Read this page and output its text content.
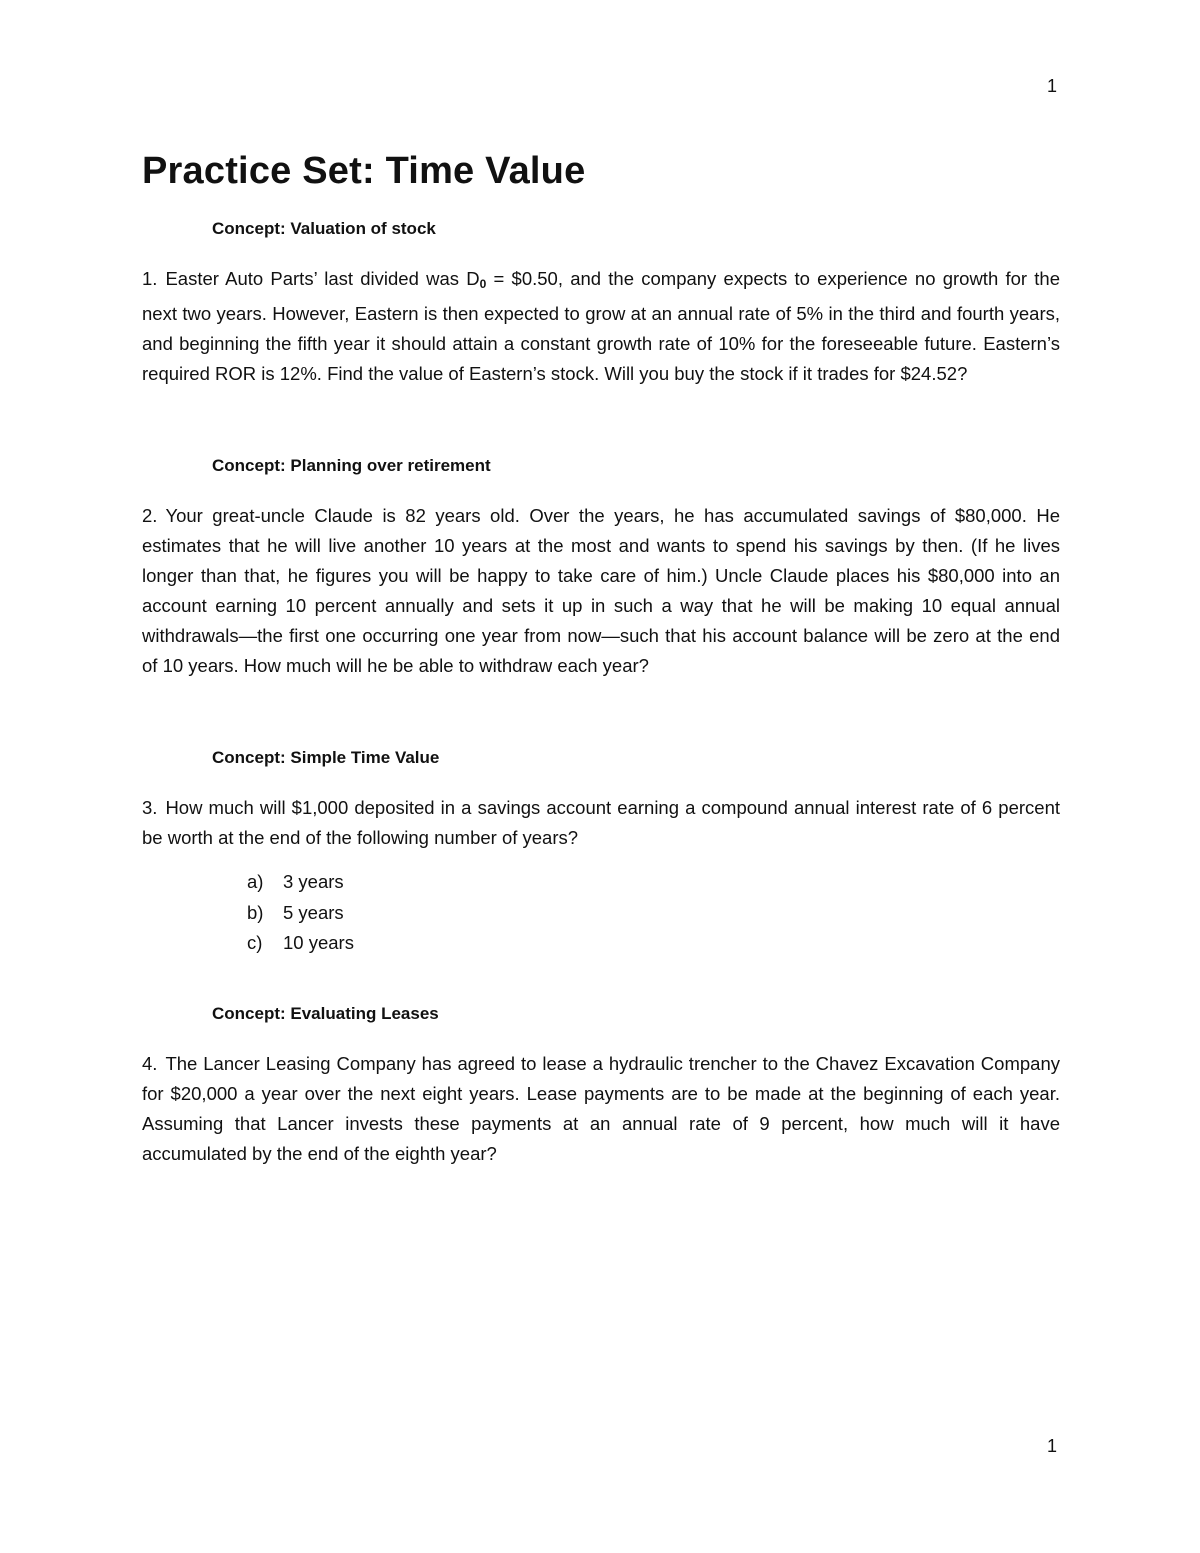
1
Practice Set: Time Value

Concept: Valuation of stock

1. Easter Auto Parts’ last divided was $D_0$ = $0.50, and the company expects to experience no growth for the next two years. However, Eastern is then expected to grow at an annual rate of 5% in the third and fourth years, and beginning the fifth year it should attain a constant growth rate of 10% for the foreseeable future. Eastern’s required ROR is 12%. Find the value of Eastern’s stock. Will you buy the stock if it trades for $24.52?

Concept: Planning over retirement

2. Your great-uncle Claude is 82 years old. Over the years, he has accumulated savings of $80,000. He estimates that he will live another 10 years at the most and wants to spend his savings by then. (If he lives longer than that, he figures you will be happy to take care of him.) Uncle Claude places his $80,000 into an account earning 10 percent annually and sets it up in such a way that he will be making 10 equal annual withdrawals—the first one occurring one year from now—such that his account balance will be zero at the end of 10 years. How much will he be able to withdraw each year?

Concept: Simple Time Value

3. How much will $1,000 deposited in a savings account earning a compound annual interest rate of 6 percent be worth at the end of the following number of years?

a)	3 years
b)	5 years
c)	10 years

Concept: Evaluating Leases

4. The Lancer Leasing Company has agreed to lease a hydraulic trencher to the Chavez Excavation Company for $20,000 a year over the next eight years. Lease payments are to be made at the beginning of each year. Assuming that Lancer invests these payments at an annual rate of 9 percent, how much will it have accumulated by the end of the eighth year?

1
